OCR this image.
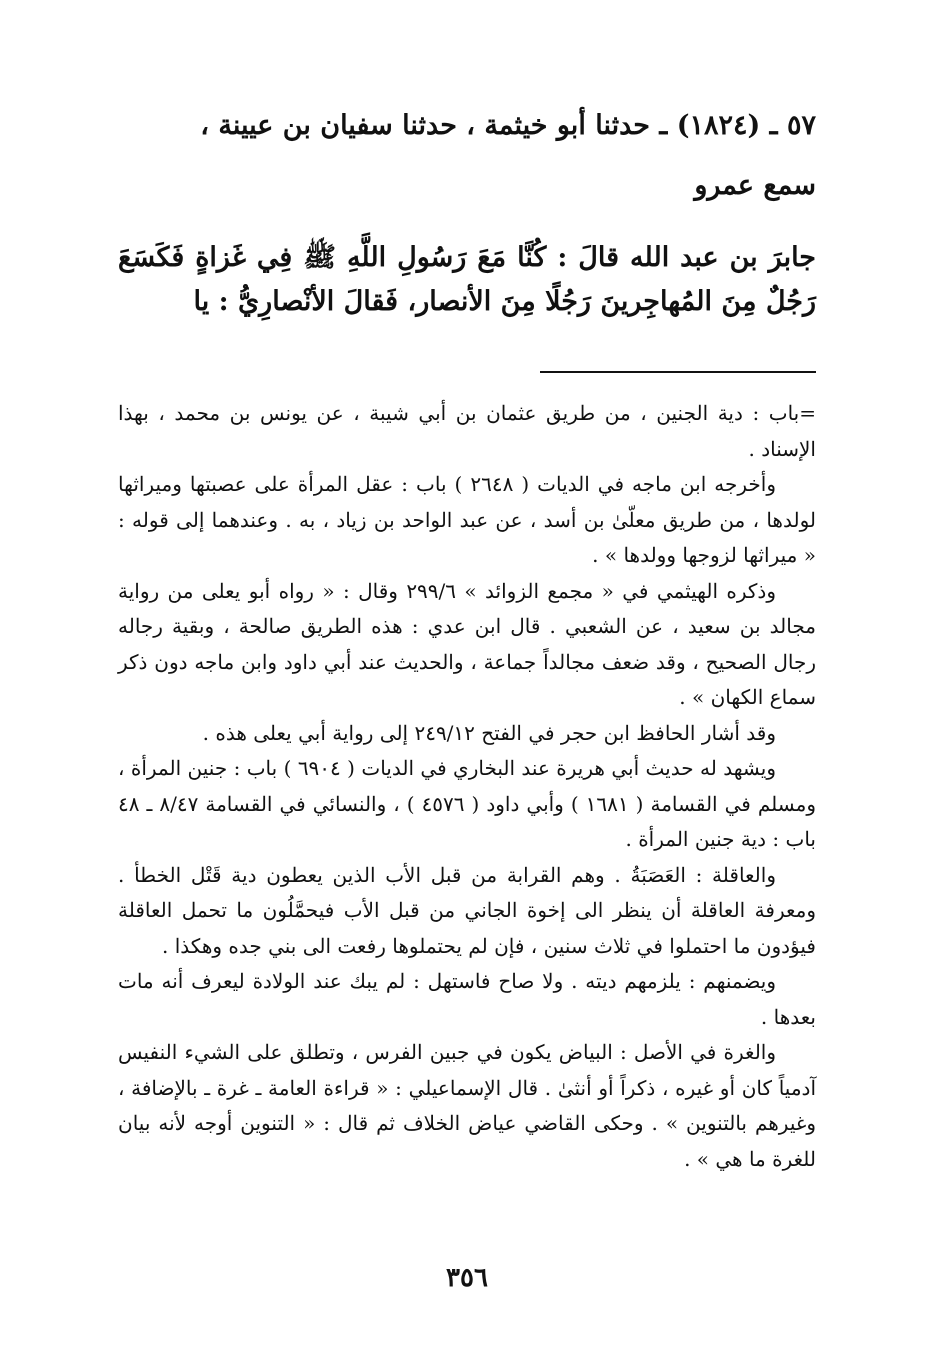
٥٧ ـ (١٨٢٤) ـ حدثنا أبو خيثمة ، حدثنا سفيان بن عيينة ،
سمع عمرو
جابرَ بن عبد الله قالَ : كُنَّا مَعَ رَسُولِ اللَّهِ ﷺ فِي غَزاةٍ فَكَسَعَ رَجُلٌ مِنَ المُهاجِرينَ رَجُلًا مِنَ الأنصار، فَقالَ الأنْصارِيُّ : يا

=باب : دية الجنين ، من طريق عثمان بن أبي شيبة ، عن يونس بن محمد ، بهذا الإسناد .

وأخرجه ابن ماجه في الديات ( ٢٦٤٨ ) باب : عقل المرأة على عصبتها وميراثها لولدها ، من طريق معلّىٰ بن أسد ، عن عبد الواحد بن زياد ، به . وعندهما إلى قوله : « ميراثها لزوجها وولدها » .

وذكره الهيثمي في « مجمع الزوائد » ٢٩٩/٦ وقال : « رواه أبو يعلى من رواية مجالد بن سعيد ، عن الشعبي . قال ابن عدي : هذه الطريق صالحة ، وبقية رجاله رجال الصحيح ، وقد ضعف مجالداً جماعة ، والحديث عند أبي داود وابن ماجه دون ذكر سماع الكهان » .

وقد أشار الحافظ ابن حجر في الفتح ٢٤٩/١٢ إلى رواية أبي يعلى هذه .

ويشهد له حديث أبي هريرة عند البخاري في الديات ( ٦٩٠٤ ) باب : جنين المرأة ، ومسلم في القسامة ( ١٦٨١ ) وأبي داود ( ٤٥٧٦ ) ، والنسائي في القسامة ٨/٤٧ ـ ٤٨ باب : دية جنين المرأة .

والعاقلة : العَصَبَةُ . وهم القرابة من قبل الأب الذين يعطون دية قَتْل الخطأ . ومعرفة العاقلة أن ينظر الى إخوة الجاني من قبل الأب فيحمَّلُون ما تحمل العاقلة فيؤدون ما احتملوا في ثلاث سنين ، فإن لم يحتملوها رفعت الى بني جده وهكذا .

ويضمنهم : يلزمهم ديته . ولا صاح فاستهل : لم يبك عند الولادة ليعرف أنه مات بعدها .

والغرة في الأصل : البياض يكون في جبين الفرس ، وتطلق على الشيء النفيس آدمياً كان أو غيره ، ذكراً أو أنثىٰ . قال الإسماعيلي : « قراءة العامة ـ غرة ـ بالإضافة ، وغيرهم بالتنوين » . وحكى القاضي عياض الخلاف ثم قال : « التنوين أوجه لأنه بيان للغرة ما هي » .

٣٥٦
